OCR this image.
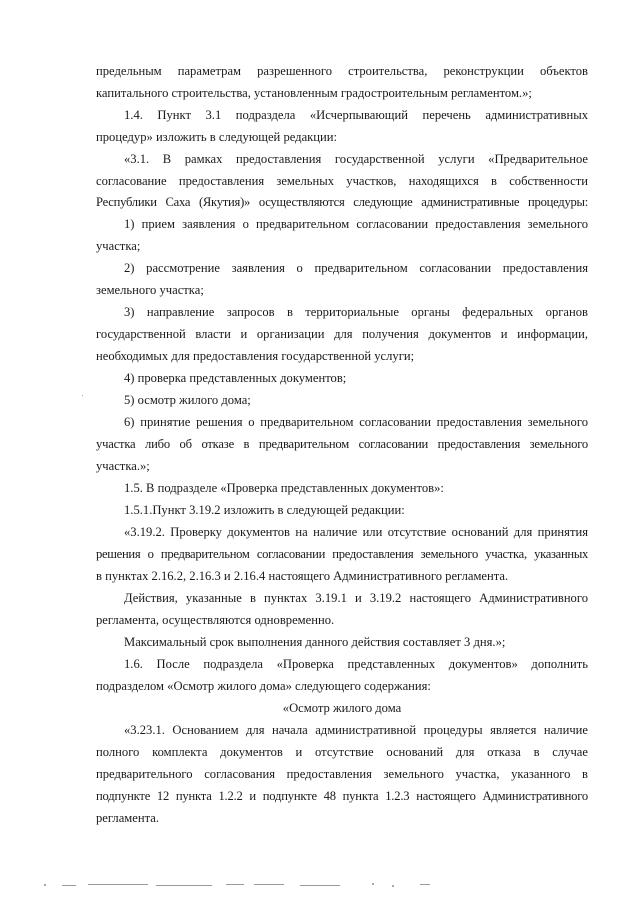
предельным параметрам разрешенного строительства, реконструкции объектов
капитального строительства, установленным градостроительным регламентом.»;
1.4. Пункт 3.1 подраздела «Исчерпывающий перечень административных
процедур» изложить в следующей редакции:
«3.1. В рамках предоставления государственной услуги «Предварительное
согласование предоставления земельных участков, находящихся в собственности
Республики Саха (Якутия)» осуществляются следующие административные процедуры:
1) прием заявления о предварительном согласовании предоставления земельного
участка;
2) рассмотрение заявления о предварительном согласовании предоставления
земельного участка;
3) направление запросов в территориальные органы федеральных органов
государственной власти и организации для получения документов и информации,
необходимых для предоставления государственной услуги;
4) проверка представленных документов;
5) осмотр жилого дома;
6) принятие решения о предварительном согласовании предоставления земельного
участка либо об отказе в предварительном согласовании предоставления земельного
участка.»;
1.5. В подразделе «Проверка представленных документов»:
1.5.1.Пункт 3.19.2 изложить в следующей редакции:
«3.19.2. Проверку документов на наличие или отсутствие оснований для принятия
решения о предварительном согласовании предоставления земельного участка, указанных
в пунктах 2.16.2, 2.16.3 и 2.16.4 настоящего Административного регламента.
Действия, указанные в пунктах 3.19.1 и 3.19.2 настоящего Административного
регламента, осуществляются одновременно.
Максимальный срок выполнения данного действия составляет 3 дня.»;
1.6. После подраздела «Проверка представленных документов» дополнить
подразделом «Осмотр жилого дома» следующего содержания:
«Осмотр жилого дома
«3.23.1. Основанием для начала административной процедуры является наличие
полного комплекта документов и отсутствие оснований для отказа в случае
предварительного согласования предоставления земельного участка, указанного в
подпункте 12 пункта 1.2.2 и подпункте 48 пункта 1.2.3 настоящего Административного
регламента.
